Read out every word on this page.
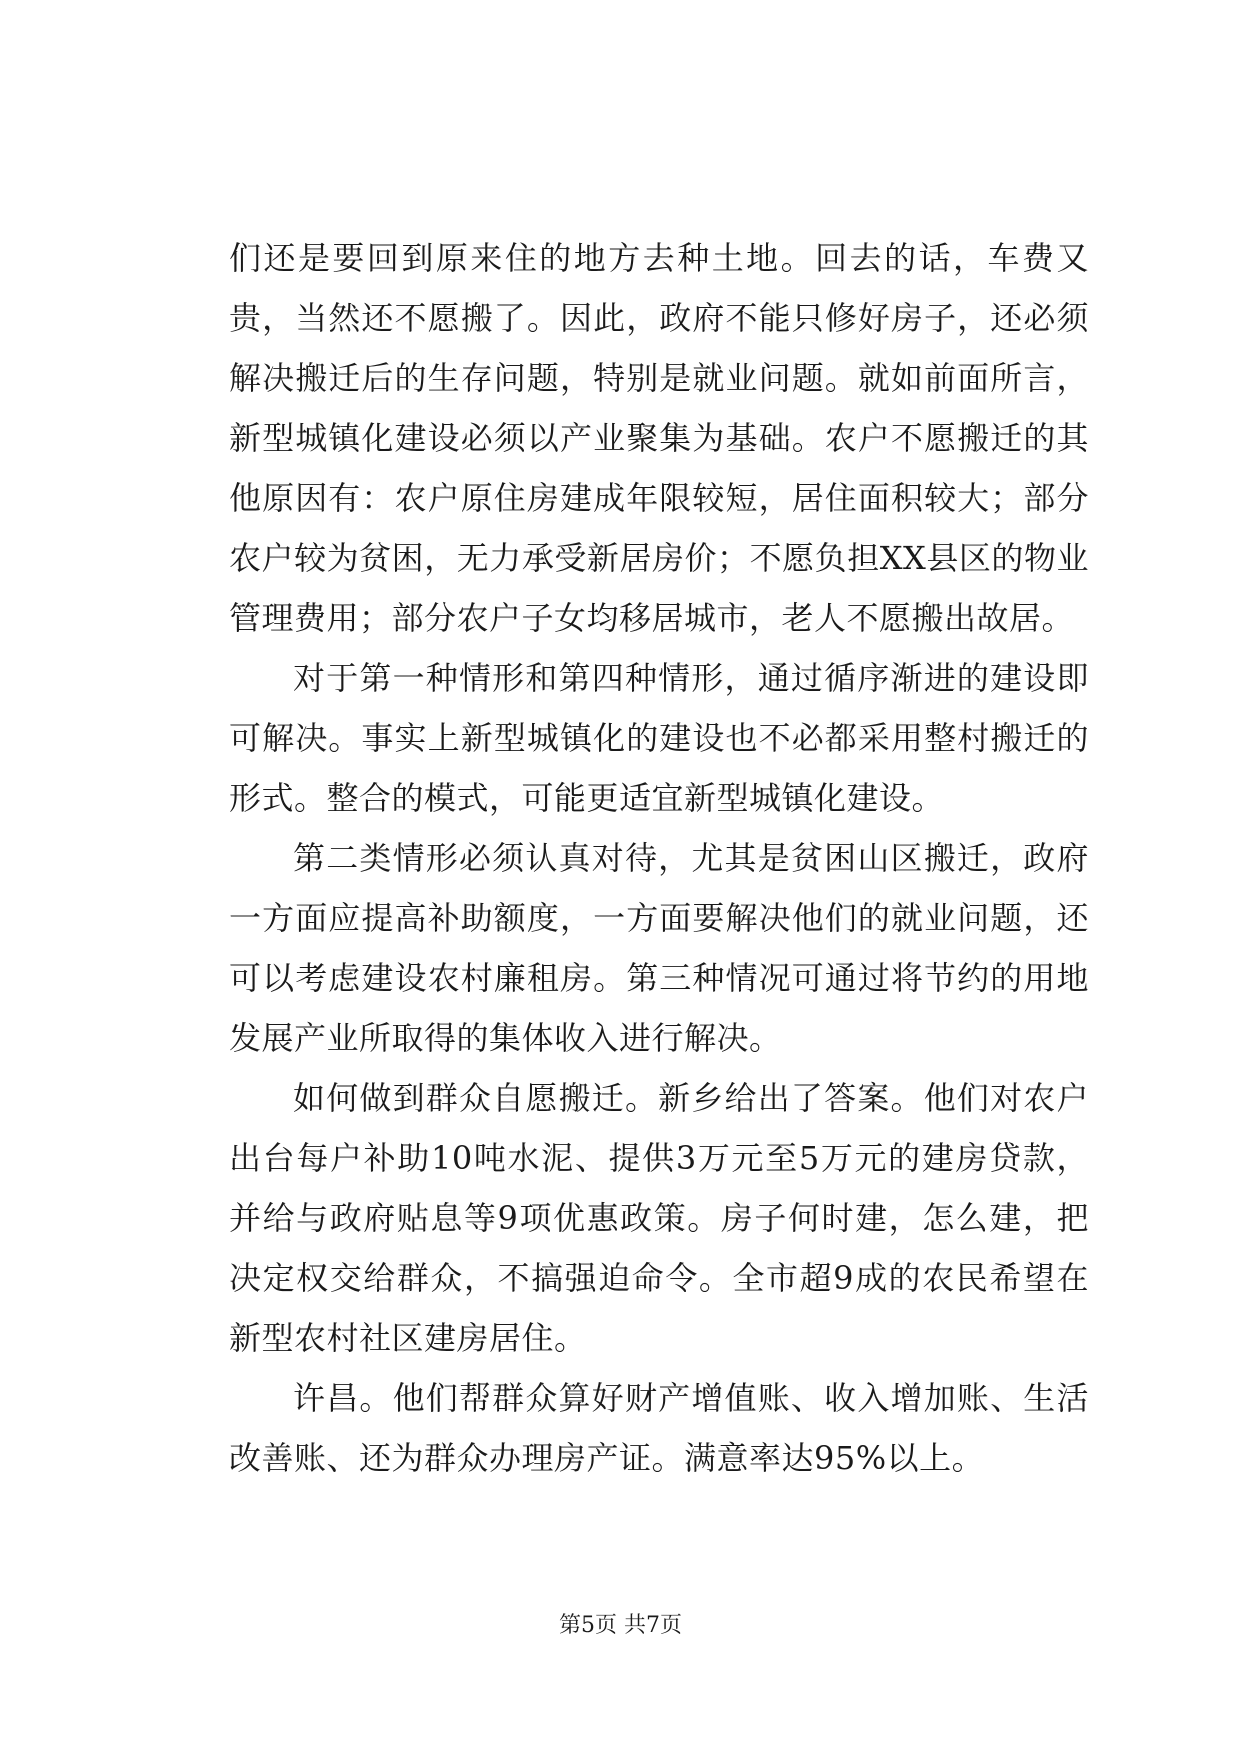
们还是要回到原来住的地方去种土地。回去的话，车费又贵，当然还不愿搬了。因此，政府不能只修好房子，还必须解决搬迁后的生存问题，特别是就业问题。就如前面所言，新型城镇化建设必须以产业聚集为基础。农户不愿搬迁的其他原因有：农户原住房建成年限较短，居住面积较大；部分农户较为贫困，无力承受新居房价；不愿负担XX县区的物业管理费用；部分农户子女均移居城市，老人不愿搬出故居。

对于第一种情形和第四种情形，通过循序渐进的建设即可解决。事实上新型城镇化的建设也不必都采用整村搬迁的形式。整合的模式，可能更适宜新型城镇化建设。

第二类情形必须认真对待，尤其是贫困山区搬迁，政府一方面应提高补助额度，一方面要解决他们的就业问题，还可以考虑建设农村廉租房。第三种情况可通过将节约的用地发展产业所取得的集体收入进行解决。

如何做到群众自愿搬迁。新乡给出了答案。他们对农户出台每户补助10吨水泥、提供3万元至5万元的建房贷款，并给与政府贴息等9项优惠政策。房子何时建，怎么建，把决定权交给群众，不搞强迫命令。全市超9成的农民希望在新型农村社区建房居住。

许昌。他们帮群众算好财产增值账、收入增加账、生活改善账、还为群众办理房产证。满意率达95%以上。

第5页 共7页
